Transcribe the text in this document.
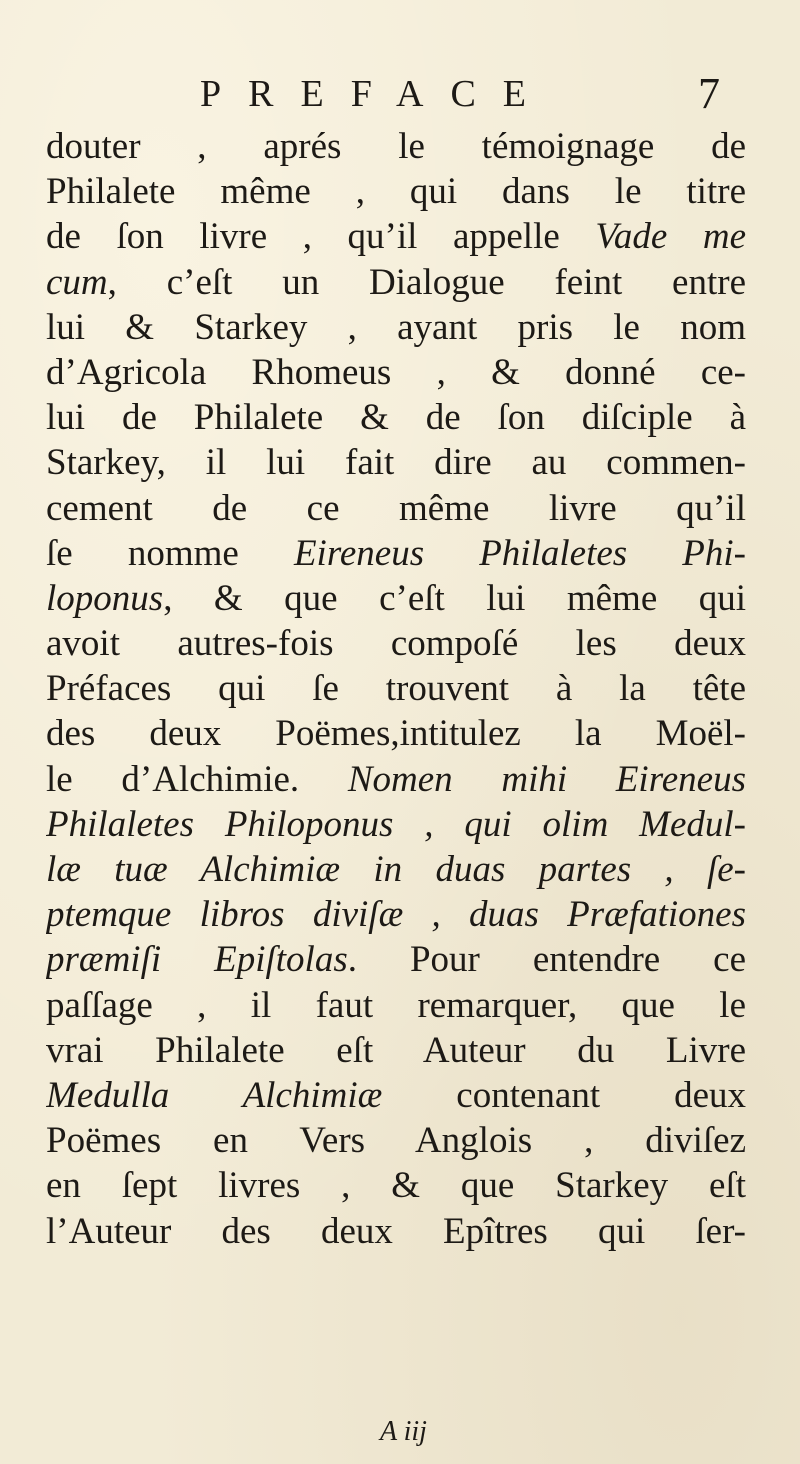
PREFACE	7
douter , aprés le témoignage de
Philalete même , qui dans le titre
de ſon livre , qu’il appelle Vade me
cum, c’eſt un Dialogue feint entre
lui & Starkey , ayant pris le nom
d’Agricola Rhomeus , & donné ce-
lui de Philalete & de ſon diſciple à
Starkey, il lui fait dire au commen-
cement de ce même livre qu’il
ſe nomme Eireneus Philaletes Phi-
loponus, & que c’eſt lui même qui
avoit autres-fois compoſé les deux
Préfaces qui ſe trouvent à la tête
des deux Poëmes,intitulez la Moël-
le d’Alchimie. Nomen mihi Eireneus
Philaletes Philoponus , qui olim Medul-
læ tuæ Alchimiæ in duas partes , ſe-
ptemque libros diviſæ , duas Præfationes
præmiſi Epiſtolas. Pour entendre ce
paſſage , il faut remarquer, que le
vrai Philalete eſt Auteur du Livre
Medulla Alchimiæ contenant deux
Poëmes en Vers Anglois , diviſez
en ſept livres , & que Starkey eſt
l’Auteur des deux Epîtres qui ſer-
A iij
